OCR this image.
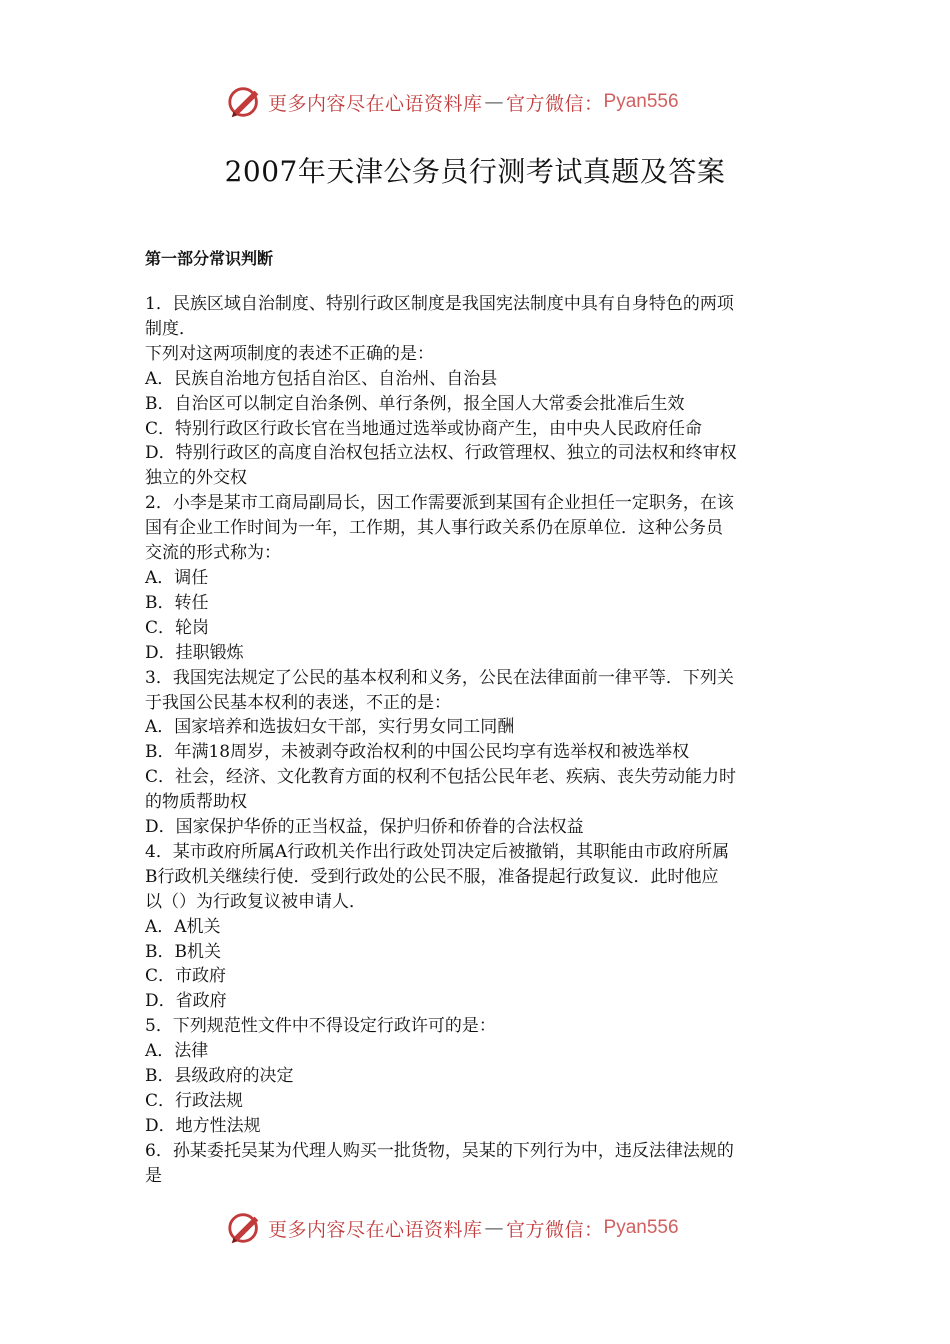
更多内容尽在心语资料库 — 官方微信： Pyan556
2007年天津公务员行测考试真题及答案
第一部分常识判断

1．民族区域自治制度、特别行政区制度是我国宪法制度中具有自身特色的两项

制度．

下列对这两项制度的表述不正确的是：

A．民族自治地方包括自治区、自治州、自治县

B．自治区可以制定自治条例、单行条例，报全国人大常委会批准后生效

C．特别行政区行政长官在当地通过选举或协商产生，由中央人民政府任命

D．特别行政区的高度自治权包括立法权、行政管理权、独立的司法权和终审权

独立的外交权

2．小李是某市工商局副局长，因工作需要派到某国有企业担任一定职务，在该

国有企业工作时间为一年，工作期，其人事行政关系仍在原单位．这种公务员

交流的形式称为：

A．调任

B．转任

C．轮岗

D．挂职锻炼

3．我国宪法规定了公民的基本权利和义务，公民在法律面前一律平等．下列关

于我国公民基本权利的表迷，不正的是：

A．国家培养和选拔妇女干部，实行男女同工同酬

B．年满18周岁，未被剥夺政治权利的中国公民均享有选举权和被选举权

C．社会，经济、文化教育方面的权利不包括公民年老、疾病、丧失劳动能力时

的物质帮助权

D．国家保护华侨的正当权益，保护归侨和侨眷的合法权益

4．某市政府所属A行政机关作出行政处罚决定后被撤销，其职能由市政府所属

B行政机关继续行使．受到行政处的公民不服，准备提起行政复议．此时他应

以（）为行政复议被申请人．

A．A机关

B．B机关

C．市政府

D．省政府

5．下列规范性文件中不得设定行政许可的是：

A．法律

B．县级政府的决定

C．行政法规

D．地方性法规

6．孙某委托吴某为代理人购买一批货物，吴某的下列行为中，违反法律法规的

是

更多内容尽在心语资料库 — 官方微信： Pyan556
